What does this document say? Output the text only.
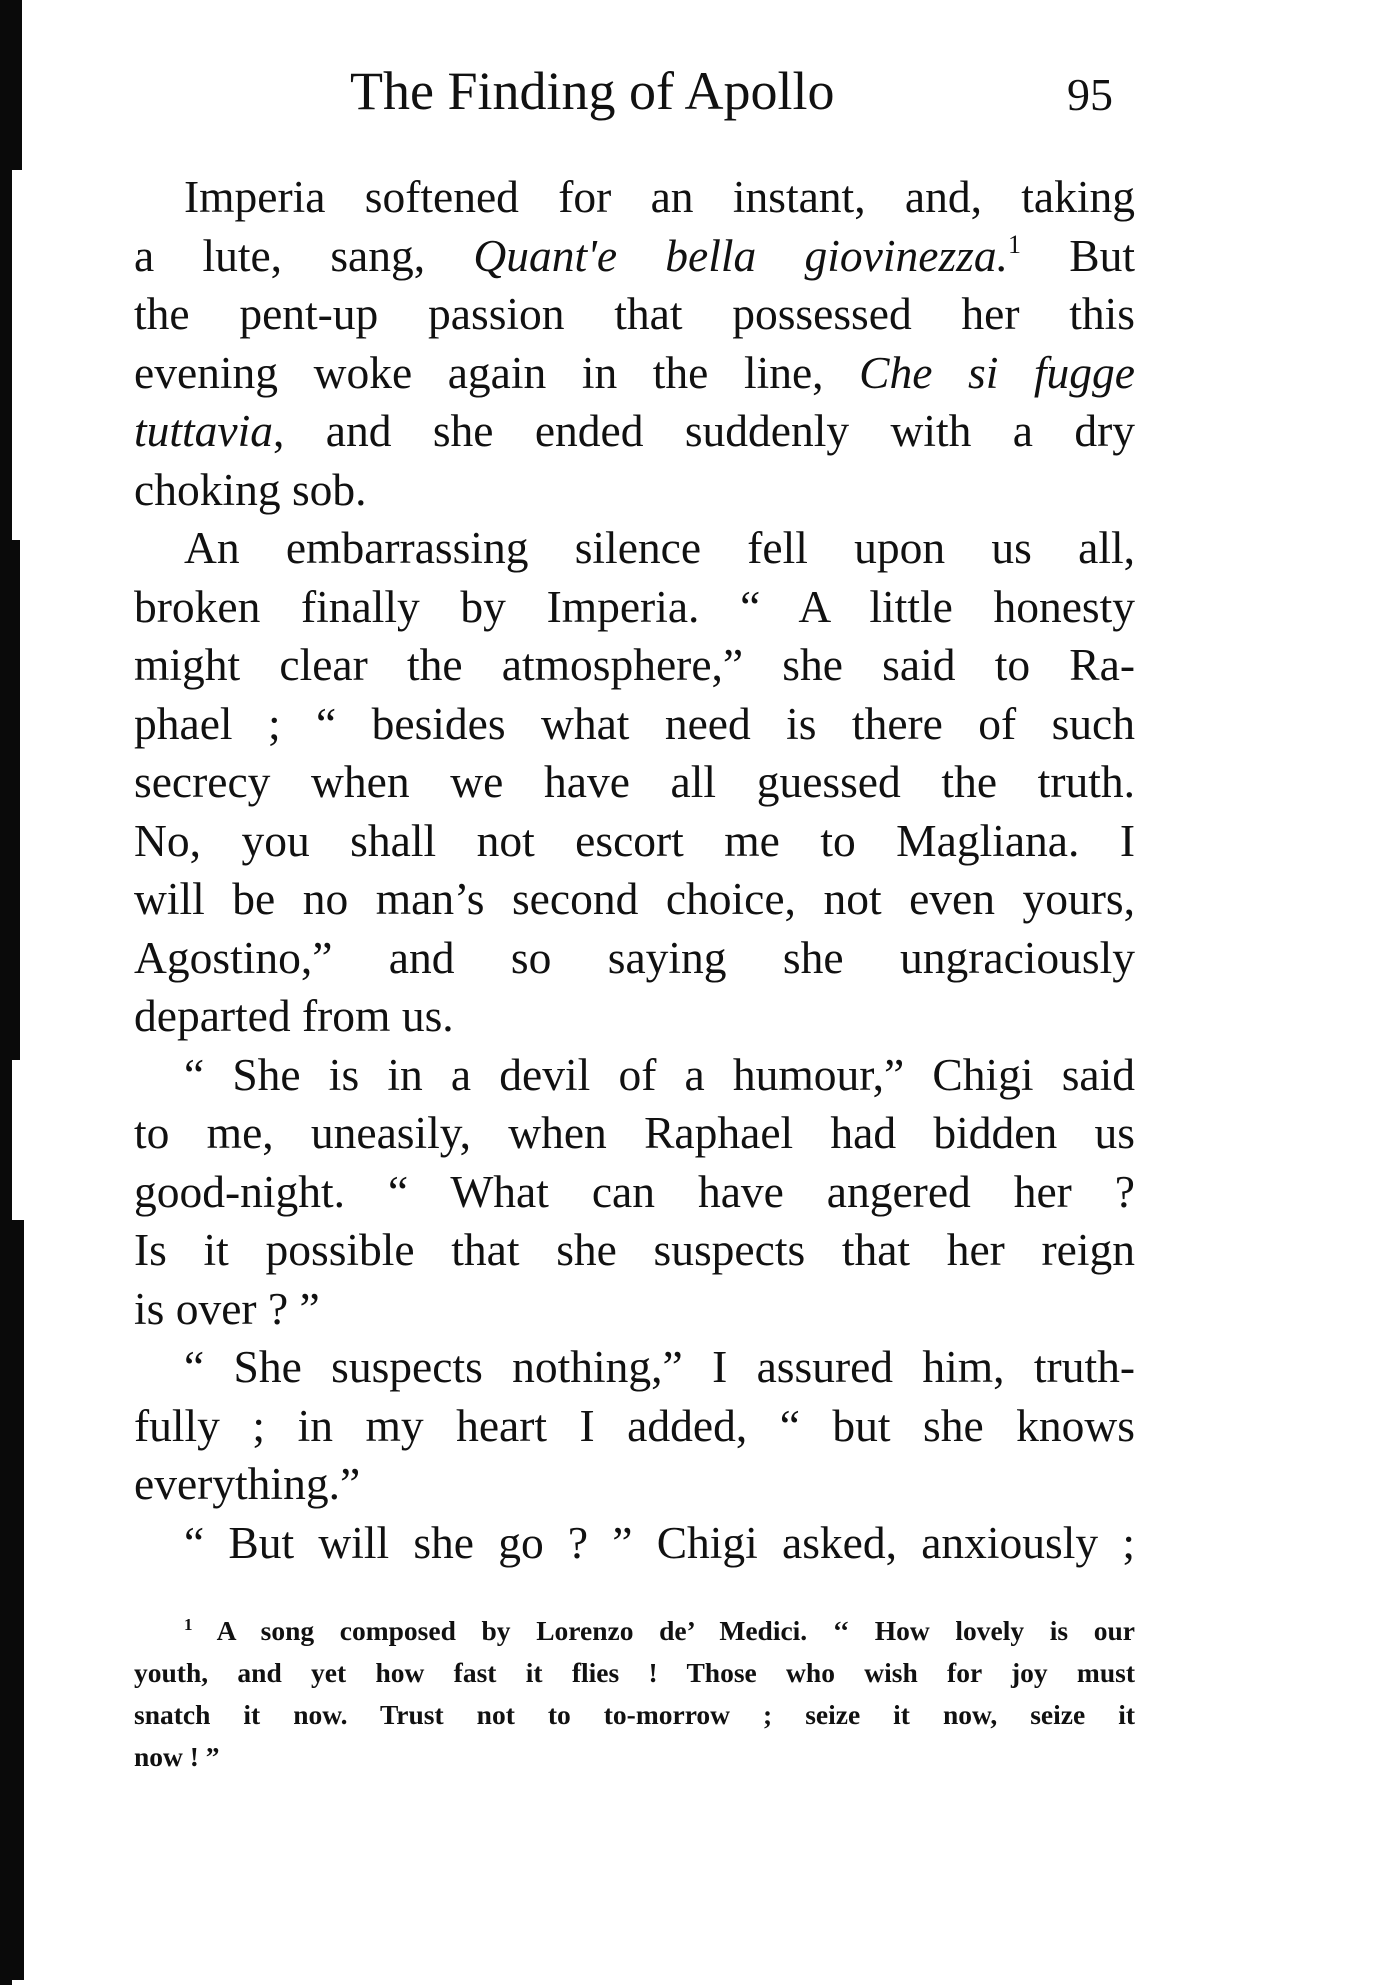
The Finding of Apollo	95
Imperia softened for an instant, and, taking
a lute, sang, Quant'e bella giovinezza.$^1$ But
the pent-up passion that possessed her this
evening woke again in the line, Che si fugge
tuttavia, and she ended suddenly with a dry
choking sob.
An embarrassing silence fell upon us all,
broken finally by Imperia. “ A little honesty
might clear the atmosphere,” she said to Ra-
phael ; “ besides what need is there of such
secrecy when we have all guessed the truth.
No, you shall not escort me to Magliana. I
will be no man’s second choice, not even yours,
Agostino,” and so saying she ungraciously
departed from us.
“ She is in a devil of a humour,” Chigi said
to me, uneasily, when Raphael had bidden us
good-night. “ What can have angered her ?
Is it possible that she suspects that her reign
is over ? ”
“ She suspects nothing,” I assured him, truth-
fully ; in my heart I added, “ but she knows
everything.”
“ But will she go ? ” Chigi asked, anxiously ;
$^1$ A song composed by Lorenzo de’ Medici. ‘‘ How lovely is our
youth, and yet how fast it flies ! Those who wish for joy must
snatch it now. Trust not to to-morrow ; seize it now, seize it
now ! ”
